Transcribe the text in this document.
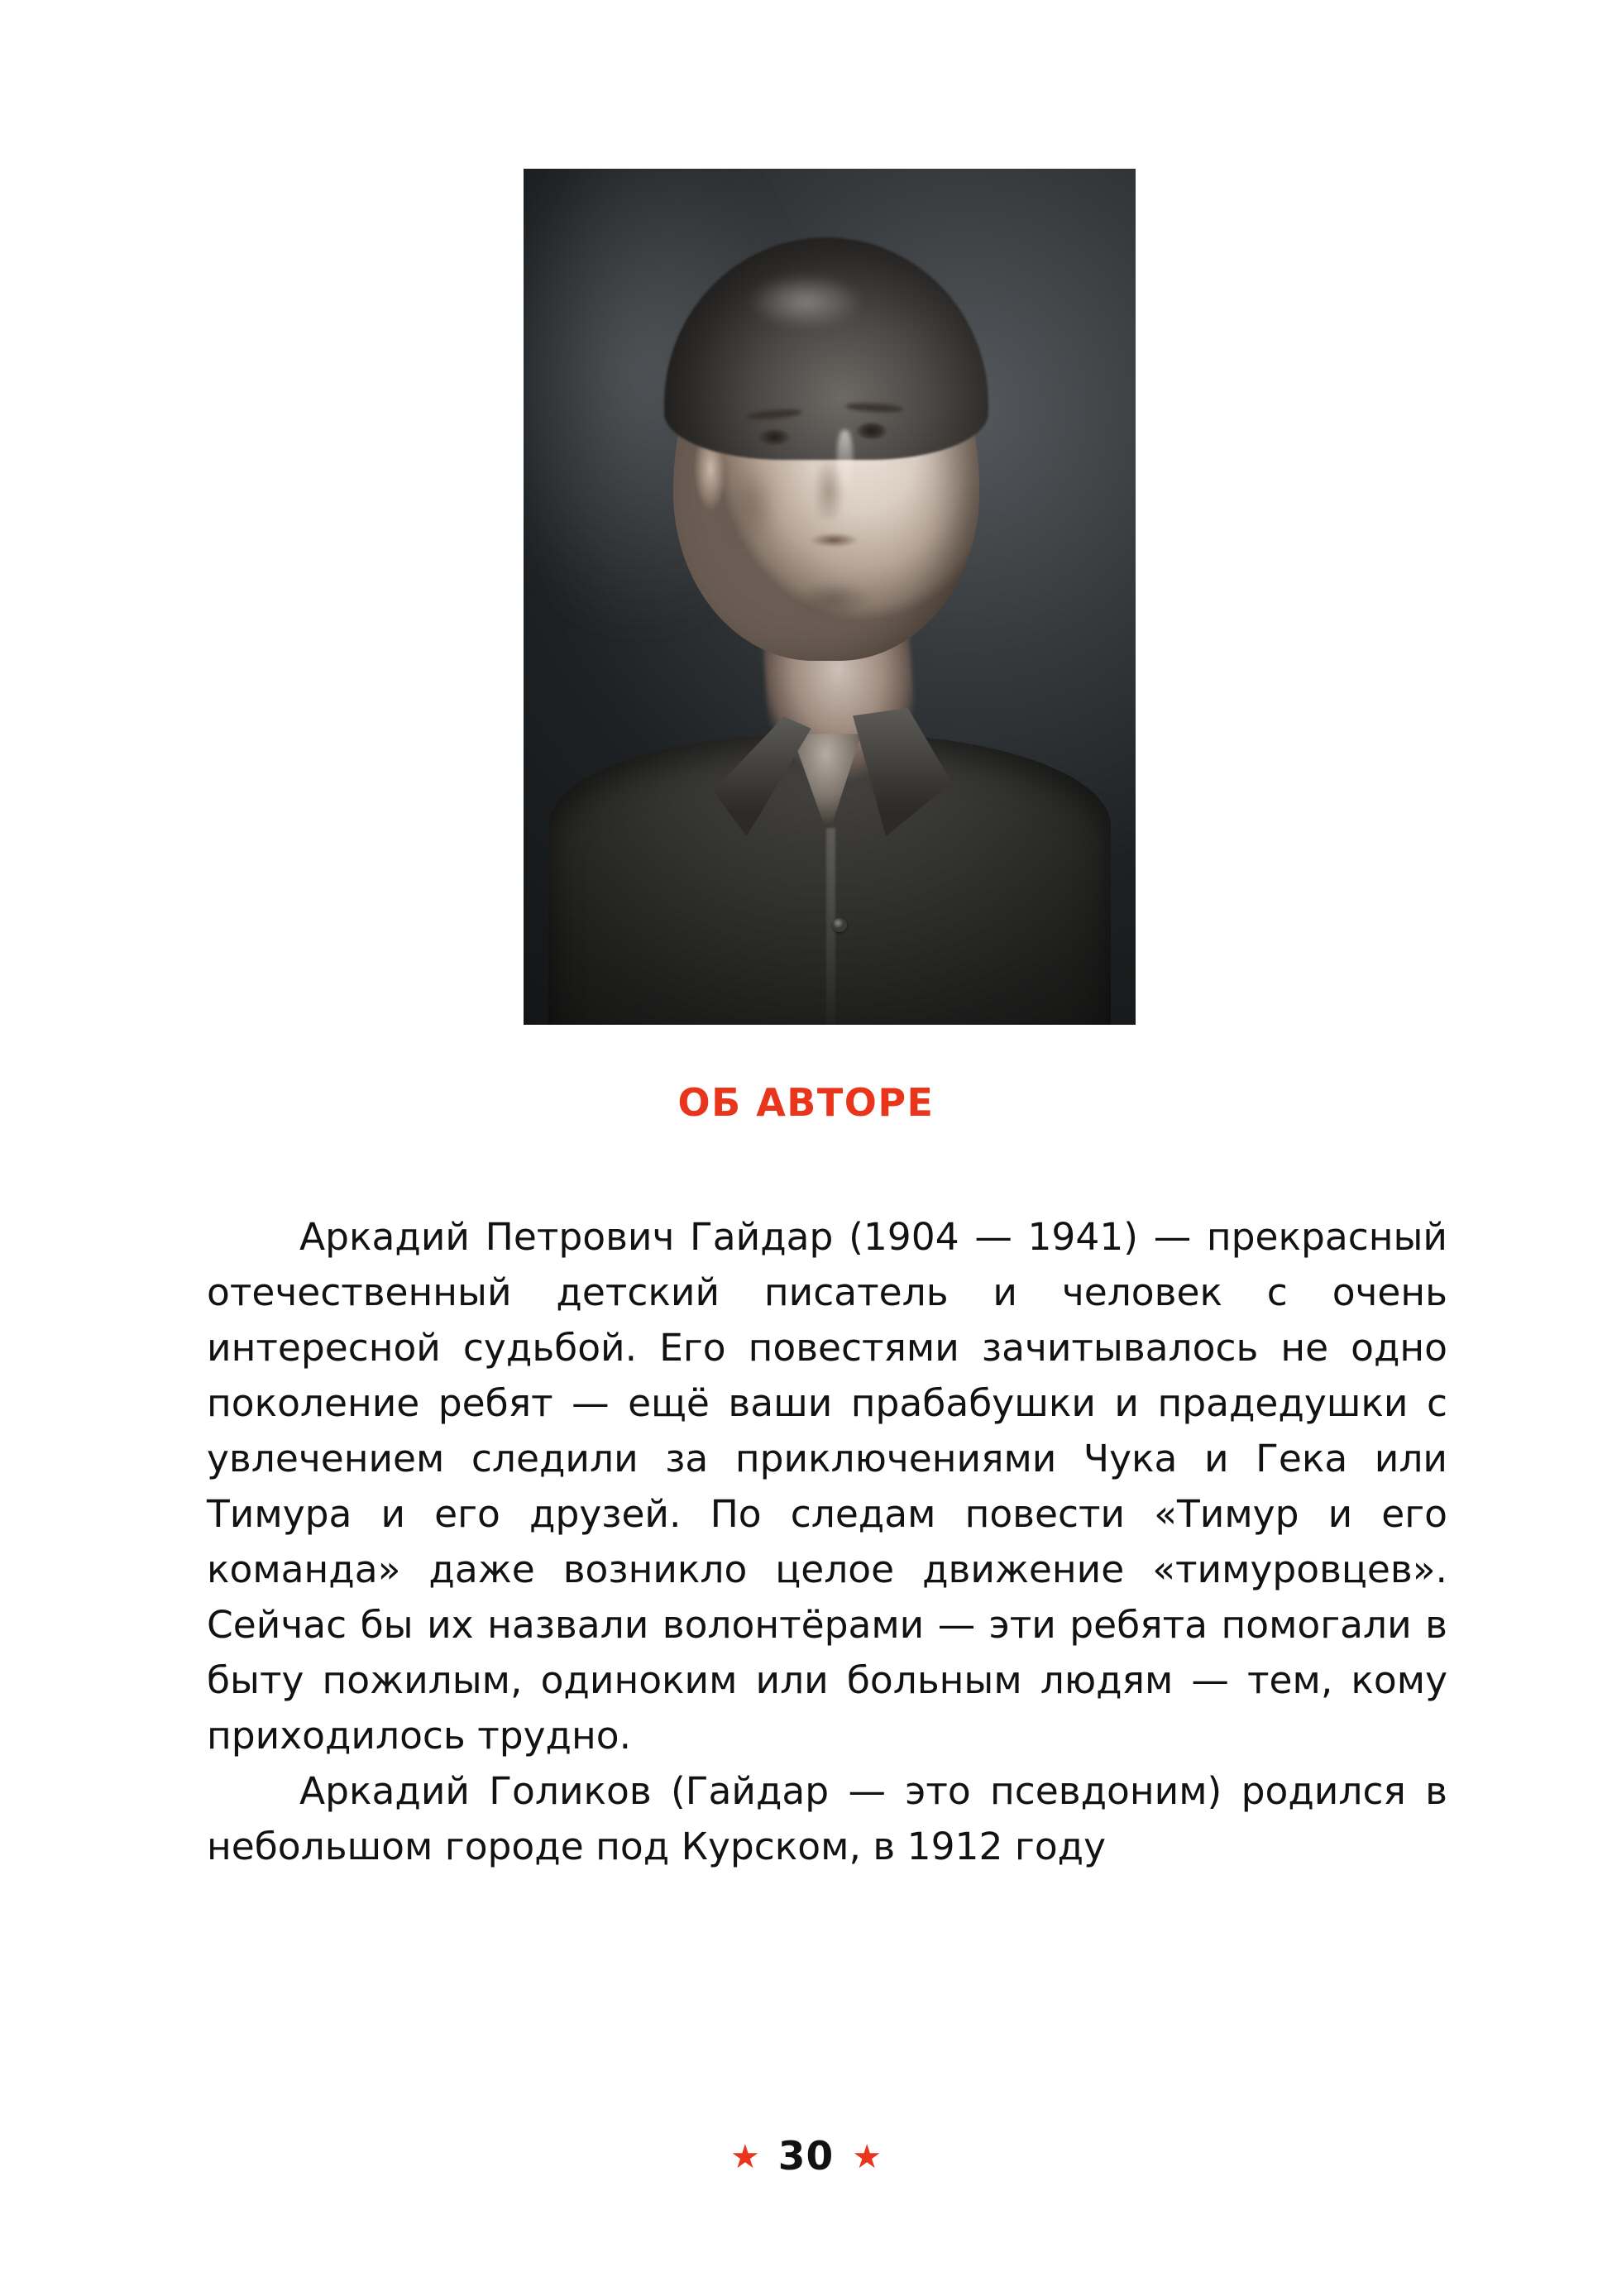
ОБ АВТОРЕ

Аркадий Петрович Гайдар (1904 — 1941) — прекрасный отечественный детский писатель и человек с очень интересной судьбой. Его повестями зачитывалось не одно поколение ребят — ещё ваши прабабушки и прадедушки с увлечением следили за приключениями Чука и Гека или Тимура и его друзей. По следам повести «Тимур и его команда» даже возникло целое движение «тимуровцев». Сейчас бы их назвали волонтёрами — эти ребята помогали в быту пожилым, одиноким или больным людям — тем, кому приходилось трудно.

Аркадий Голиков (Гайдар — это псевдоним) родился в небольшом городе под Курском, в 1912 году

★ 30 ★
